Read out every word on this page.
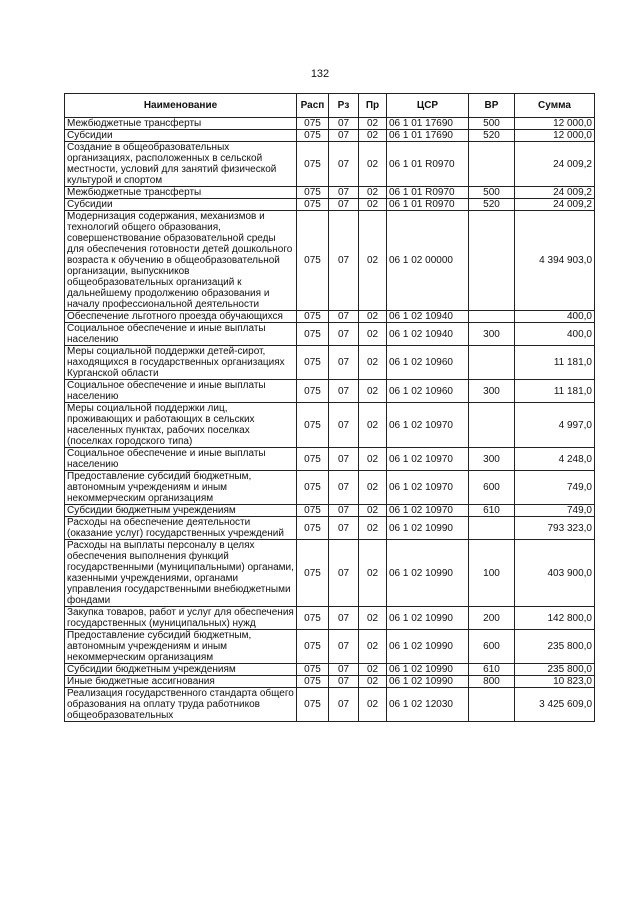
132
Наименование	Расп	Рз	Пр	ЦСР	ВР	Сумма
Межбюджетные трансферты	075	07	02	06 1 01 17690	500	12 000,0
Субсидии	075	07	02	06 1 01 17690	520	12 000,0
Создание в общеобразовательных организациях, расположенных в сельской местности, условий для занятий физической культурой и спортом	075	07	02	06 1 01 R0970		24 009,2
Межбюджетные трансферты	075	07	02	06 1 01 R0970	500	24 009,2
Субсидии	075	07	02	06 1 01 R0970	520	24 009,2
Модернизация содержания, механизмов и технологий общего образования, совершенствование образовательной среды для обеспечения готовности детей дошкольного возраста к обучению в общеобразовательной организации, выпускников общеобразовательных организаций к дальнейшему продолжению образования и началу профессиональной деятельности	075	07	02	06 1 02 00000		4 394 903,0
Обеспечение льготного проезда обучающихся	075	07	02	06 1 02 10940		400,0
Социальное обеспечение и иные выплаты населению	075	07	02	06 1 02 10940	300	400,0
Меры социальной поддержки детей-сирот, находящихся в государственных организациях Курганской области	075	07	02	06 1 02 10960		11 181,0
Социальное обеспечение и иные выплаты населению	075	07	02	06 1 02 10960	300	11 181,0
Меры социальной поддержки лиц, проживающих и работающих в сельских населенных пунктах, рабочих поселках (поселках городского типа)	075	07	02	06 1 02 10970		4 997,0
Социальное обеспечение и иные выплаты населению	075	07	02	06 1 02 10970	300	4 248,0
Предоставление субсидий бюджетным, автономным учреждениям и иным некоммерческим организациям	075	07	02	06 1 02 10970	600	749,0
Субсидии бюджетным учреждениям	075	07	02	06 1 02 10970	610	749,0
Расходы на обеспечение деятельности (оказание услуг) государственных учреждений	075	07	02	06 1 02 10990		793 323,0
Расходы на выплаты персоналу в целях обеспечения выполнения функций государственными (муниципальными) органами, казенными учреждениями, органами управления государственными внебюджетными фондами	075	07	02	06 1 02 10990	100	403 900,0
Закупка товаров, работ и услуг для обеспечения государственных (муниципальных) нужд	075	07	02	06 1 02 10990	200	142 800,0
Предоставление субсидий бюджетным, автономным учреждениям и иным некоммерческим организациям	075	07	02	06 1 02 10990	600	235 800,0
Субсидии бюджетным учреждениям	075	07	02	06 1 02 10990	610	235 800,0
Иные бюджетные ассигнования	075	07	02	06 1 02 10990	800	10 823,0
Реализация государственного стандарта общего образования на оплату труда работников общеобразовательных	075	07	02	06 1 02 12030		3 425 609,0
